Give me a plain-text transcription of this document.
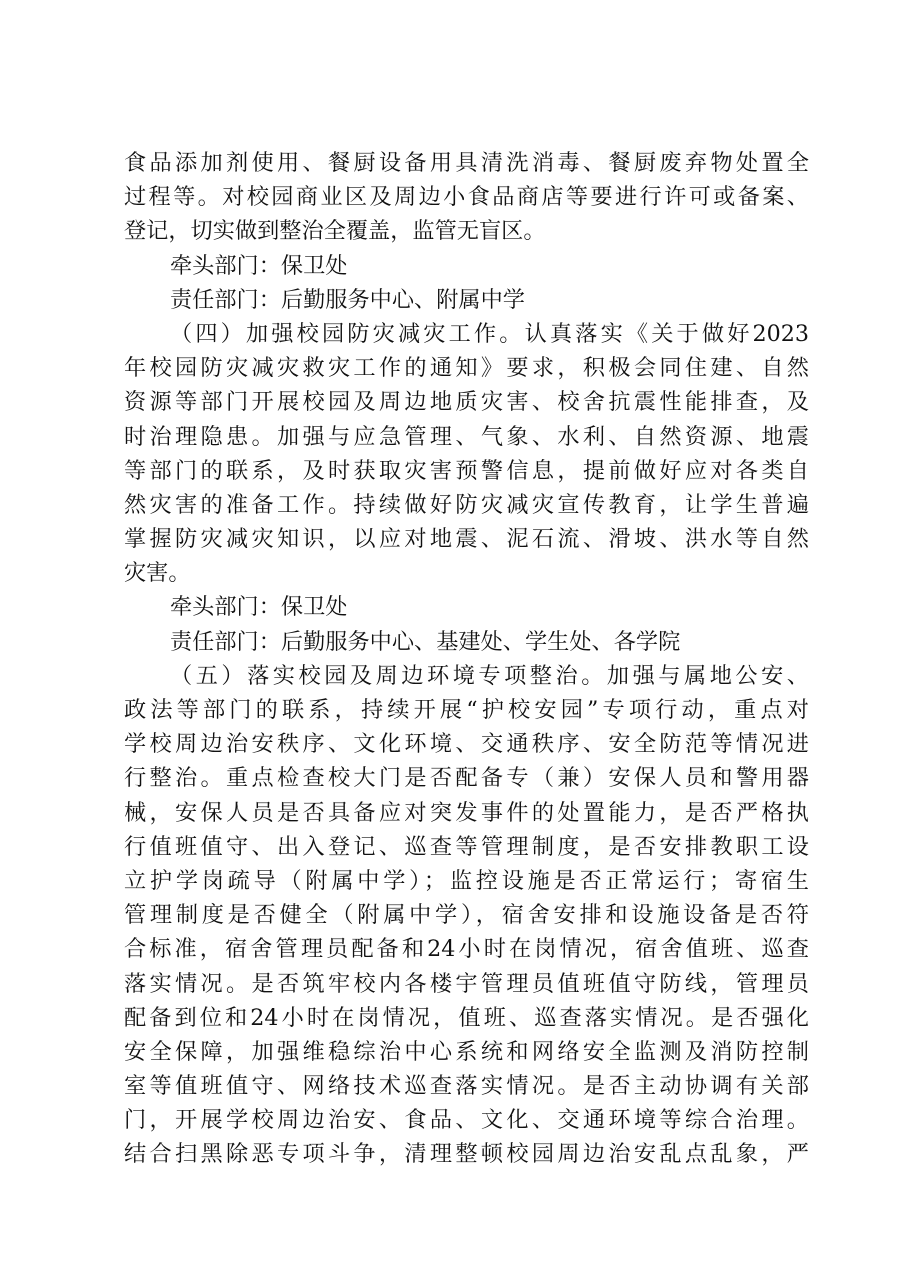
食品添加剂使用、餐厨设备用具清洗消毒、餐厨废弃物处置全
过程等。对校园商业区及周边小食品商店等要进行许可或备案、
登记，切实做到整治全覆盖，监管无盲区。
牵头部门：保卫处
责任部门：后勤服务中心、附属中学
（四）加强校园防灾减灾工作。认真落实《关于做好2023
年校园防灾减灾救灾工作的通知》要求，积极会同住建、自然
资源等部门开展校园及周边地质灾害、校舍抗震性能排查，及
时治理隐患。加强与应急管理、气象、水利、自然资源、地震
等部门的联系，及时获取灾害预警信息，提前做好应对各类自
然灾害的准备工作。持续做好防灾减灾宣传教育，让学生普遍
掌握防灾减灾知识，以应对地震、泥石流、滑坡、洪水等自然
灾害。
牵头部门：保卫处
责任部门：后勤服务中心、基建处、学生处、各学院
（五）落实校园及周边环境专项整治。加强与属地公安、
政法等部门的联系，持续开展“护校安园”专项行动，重点对
学校周边治安秩序、文化环境、交通秩序、安全防范等情况进
行整治。重点检查校大门是否配备专（兼）安保人员和警用器
械，安保人员是否具备应对突发事件的处置能力，是否严格执
行值班值守、出入登记、巡查等管理制度，是否安排教职工设
立护学岗疏导（附属中学）；监控设施是否正常运行；寄宿生
管理制度是否健全（附属中学），宿舍安排和设施设备是否符
合标准，宿舍管理员配备和24小时在岗情况，宿舍值班、巡查
落实情况。是否筑牢校内各楼宇管理员值班值守防线，管理员
配备到位和24小时在岗情况，值班、巡查落实情况。是否强化
安全保障，加强维稳综治中心系统和网络安全监测及消防控制
室等值班值守、网络技术巡查落实情况。是否主动协调有关部
门，开展学校周边治安、食品、文化、交通环境等综合治理。
结合扫黑除恶专项斗争，清理整顿校园周边治安乱点乱象，严
